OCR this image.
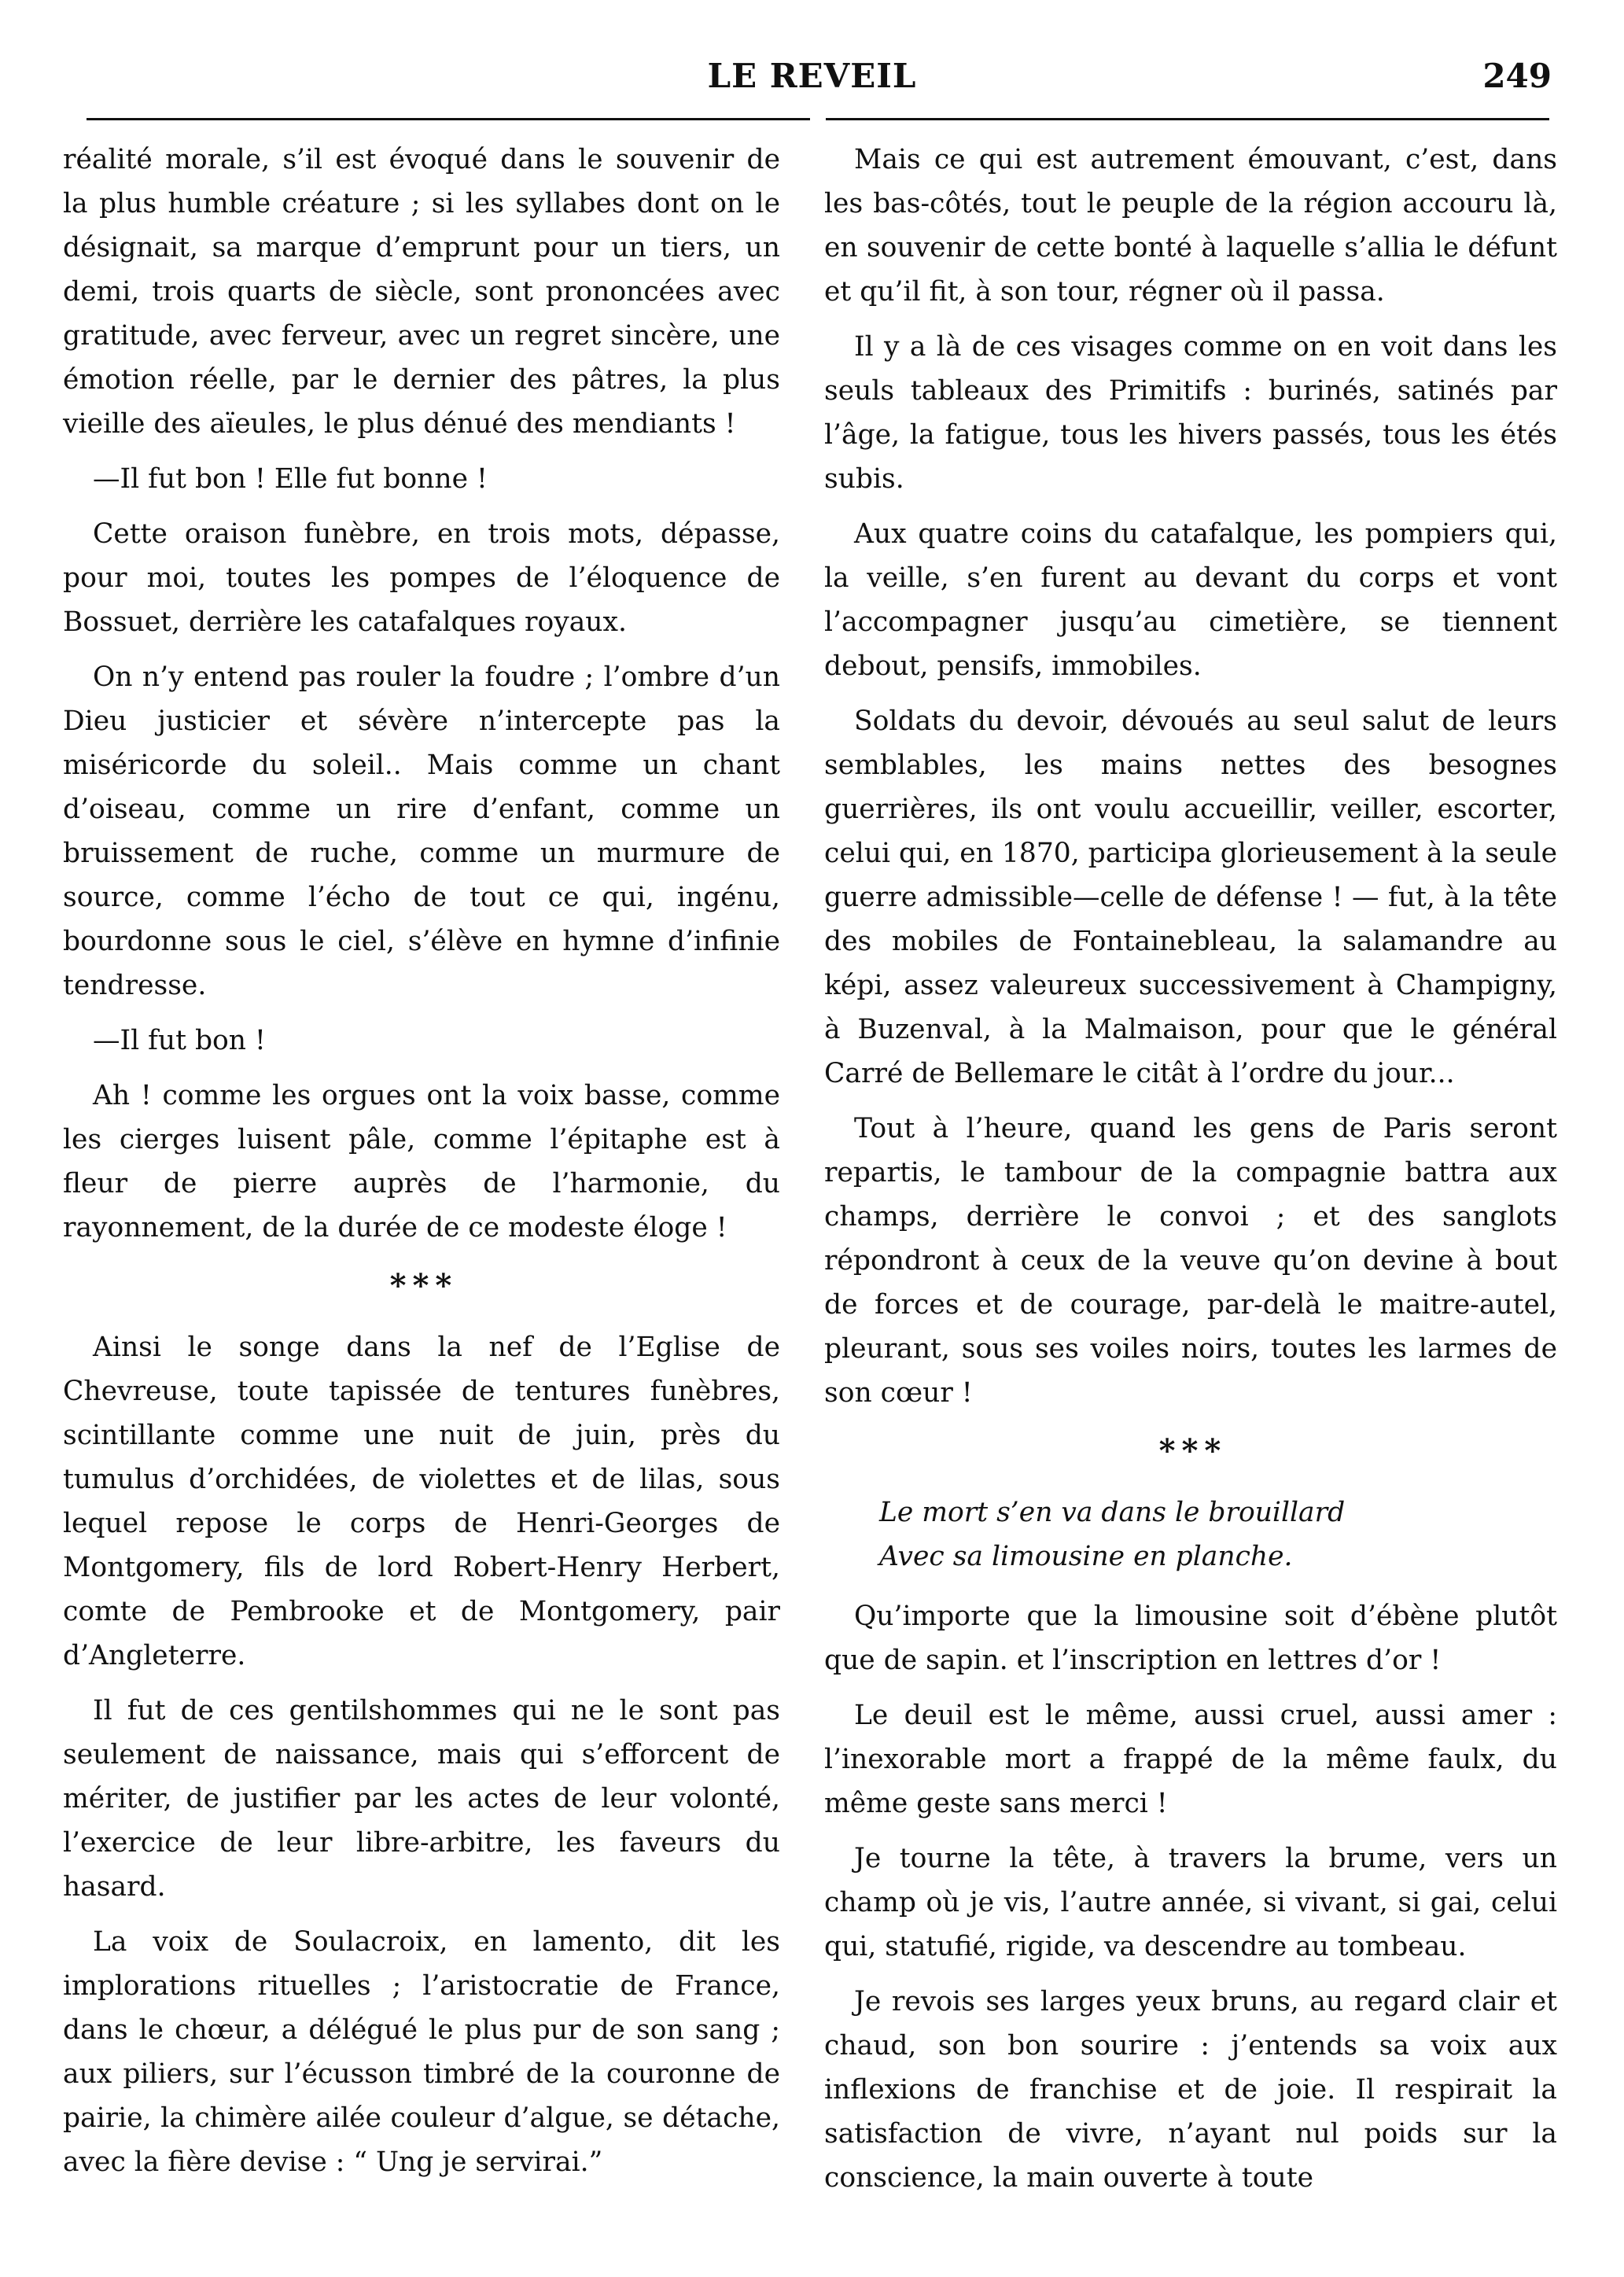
LE REVEIL	249

réalité morale, s’il est évoqué dans le souvenir de la plus humble créature ; si les syllabes dont on le désignait, sa marque d’emprunt pour un tiers, un demi, trois quarts de siècle, sont prononcées avec gratitude, avec ferveur, avec un regret sincère, une émotion réelle, par le dernier des pâtres, la plus vieille des aïeules, le plus dénué des mendiants !

—Il fut bon ! Elle fut bonne !

Cette oraison funèbre, en trois mots, dépasse, pour moi, toutes les pompes de l’éloquence de Bossuet, derrière les catafalques royaux.

On n’y entend pas rouler la foudre ; l’ombre d’un Dieu justicier et sévère n’intercepte pas la miséricorde du soleil.. Mais comme un chant d’oiseau, comme un rire d’enfant, comme un bruissement de ruche, comme un murmure de source, comme l’écho de tout ce qui, ingénu, bourdonne sous le ciel, s’élève en hymne d’infinie tendresse.

—Il fut bon !

Ah ! comme les orgues ont la voix basse, comme les cierges luisent pâle, comme l’épitaphe est à fleur de pierre auprès de l’harmonie, du rayonnement, de la durée de ce modeste éloge !

* * *

Ainsi le songe dans la nef de l’Eglise de Chevreuse, toute tapissée de tentures funèbres, scintillante comme une nuit de juin, près du tumulus d’orchidées, de violettes et de lilas, sous lequel repose le corps de Henri-Georges de Montgomery, fils de lord Robert-Henry Herbert, comte de Pembrooke et de Montgomery, pair d’Angleterre.

Il fut de ces gentilshommes qui ne le sont pas seulement de naissance, mais qui s’efforcent de mériter, de justifier par les actes de leur volonté, l’exercice de leur libre-arbitre, les faveurs du hasard.

La voix de Soulacroix, en lamento, dit les implorations rituelles ; l’aristocratie de France, dans le chœur, a délégué le plus pur de son sang ; aux piliers, sur l’écusson timbré de la couronne de pairie, la chimère ailée couleur d’algue, se détache, avec la fière devise : “ Ung je servirai.”

Mais ce qui est autrement émouvant, c’est, dans les bas-côtés, tout le peuple de la région accouru là, en souvenir de cette bonté à laquelle s’allia le défunt et qu’il fit, à son tour, régner où il passa.

Il y a là de ces visages comme on en voit dans les seuls tableaux des Primitifs : burinés, satinés par l’âge, la fatigue, tous les hivers passés, tous les étés subis.

Aux quatre coins du catafalque, les pompiers qui, la veille, s’en furent au devant du corps et vont l’accompagner jusqu’au cimetière, se tiennent debout, pensifs, immobiles.

Soldats du devoir, dévoués au seul salut de leurs semblables, les mains nettes des besognes guerrières, ils ont voulu accueillir, veiller, escorter, celui qui, en 1870, participa glorieusement à la seule guerre admissible—celle de défense ! — fut, à la tête des mobiles de Fontainebleau, la salamandre au képi, assez valeureux successivement à Champigny, à Buzenval, à la Malmaison, pour que le général Carré de Bellemare le citât à l’ordre du jour...

Tout à l’heure, quand les gens de Paris seront repartis, le tambour de la compagnie battra aux champs, derrière le convoi ; et des sanglots répondront à ceux de la veuve qu’on devine à bout de forces et de courage, par-delà le maitre-autel, pleurant, sous ses voiles noirs, toutes les larmes de son cœur !

* * *
Le mort s’en va dans le brouillard
Avec sa limousine en planche.

Qu’importe que la limousine soit d’ébène plutôt que de sapin. et l’inscription en lettres d’or !

Le deuil est le même, aussi cruel, aussi amer : l’inexorable mort a frappé de la même faulx, du même geste sans merci !

Je tourne la tête, à travers la brume, vers un champ où je vis, l’autre année, si vivant, si gai, celui qui, statufié, rigide, va descendre au tombeau.

Je revois ses larges yeux bruns, au regard clair et chaud, son bon sourire : j’entends sa voix aux inflexions de franchise et de joie. Il respirait la satisfaction de vivre, n’ayant nul poids sur la conscience, la main ouverte à toute
